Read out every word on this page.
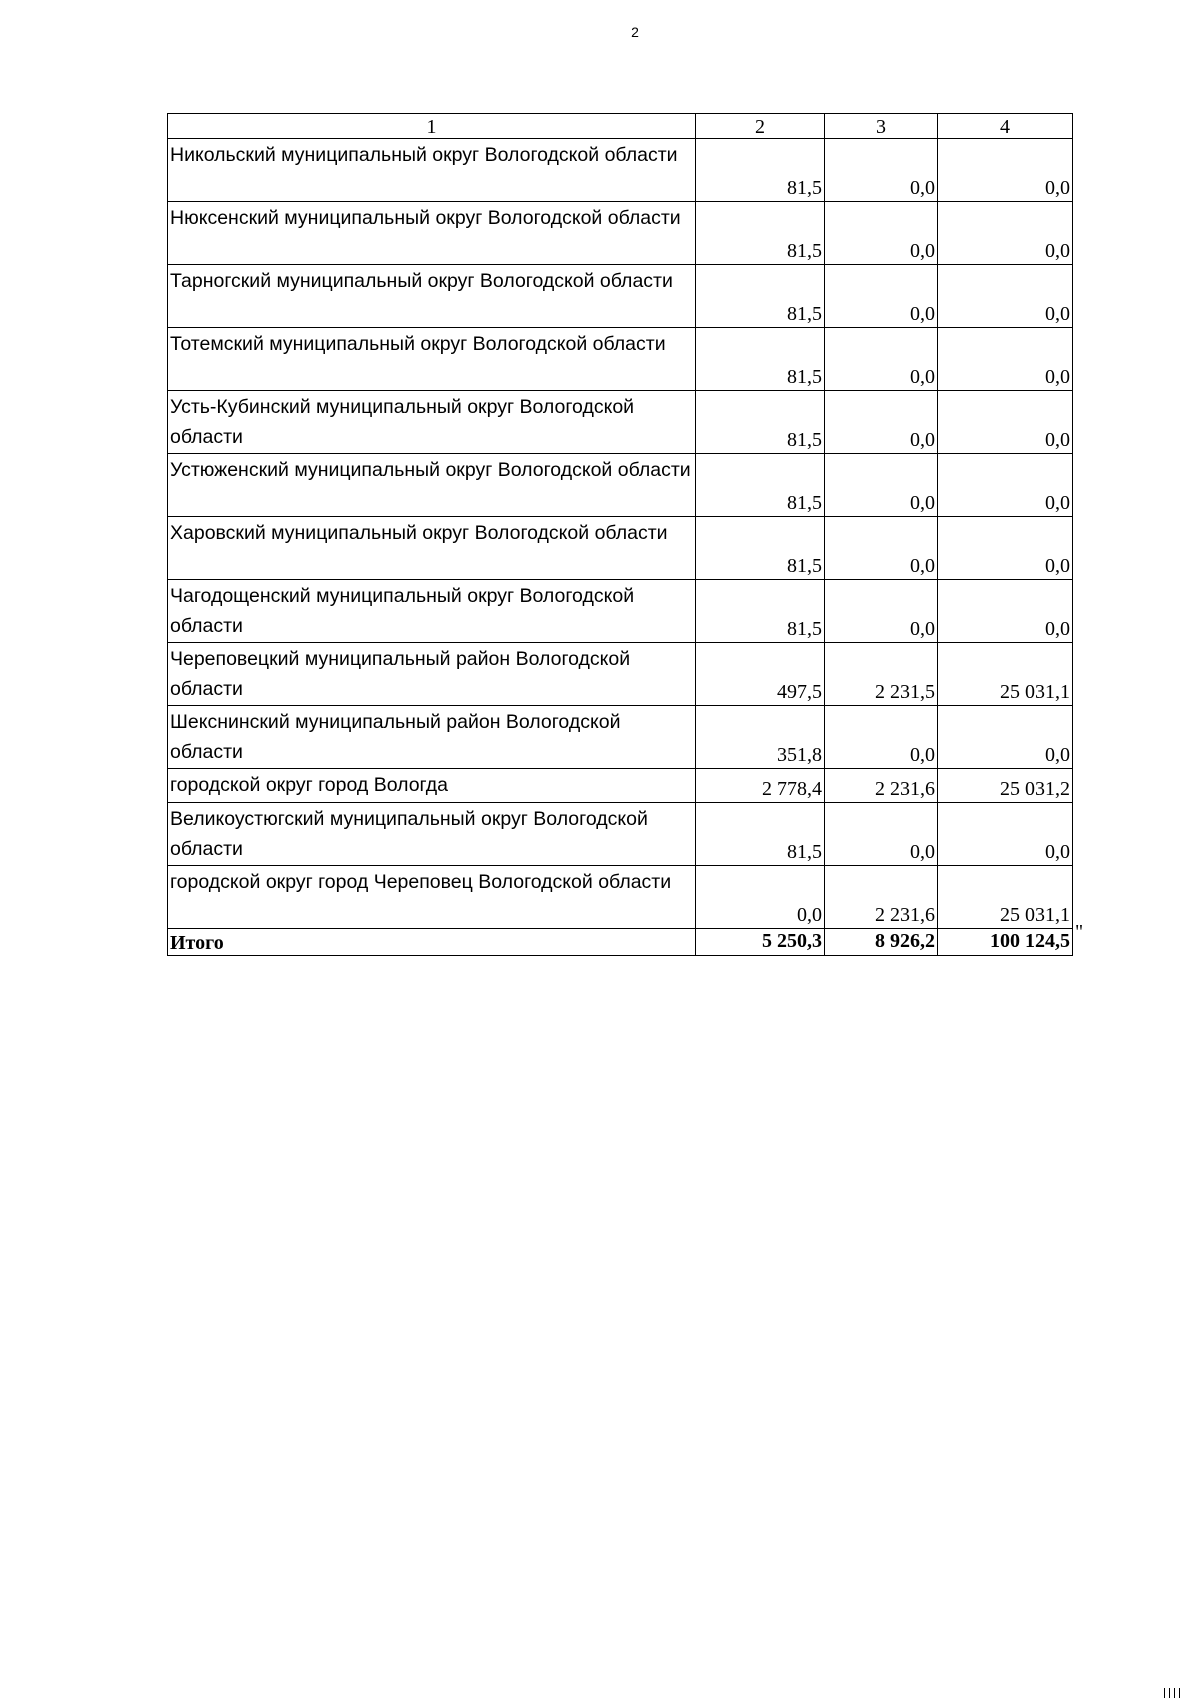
2
1	2	3	4
Никольский муниципальный округ Вологодской области	81,5	0,0	0,0
Нюксенский муниципальный округ Вологодской области	81,5	0,0	0,0
Тарногский муниципальный округ Вологодской области	81,5	0,0	0,0
Тотемский муниципальный округ Вологодской области	81,5	0,0	0,0
Усть-Кубинский муниципальный округ Вологодской области	81,5	0,0	0,0
Устюженский муниципальный округ Вологодской области	81,5	0,0	0,0
Харовский муниципальный округ Вологодской области	81,5	0,0	0,0
Чагодощенский муниципальный округ Вологодской области	81,5	0,0	0,0
Череповецкий муниципальный район Вологодской области	497,5	2 231,5	25 031,1
Шекснинский муниципальный район Вологодской области	351,8	0,0	0,0
городской округ город Вологда	2 778,4	2 231,6	25 031,2
Великоустюгский муниципальный округ Вологодской области	81,5	0,0	0,0
городской округ город Череповец Вологодской области	0,0	2 231,6	25 031,1
Итого	5 250,3	8 926,2	100 124,5 "
